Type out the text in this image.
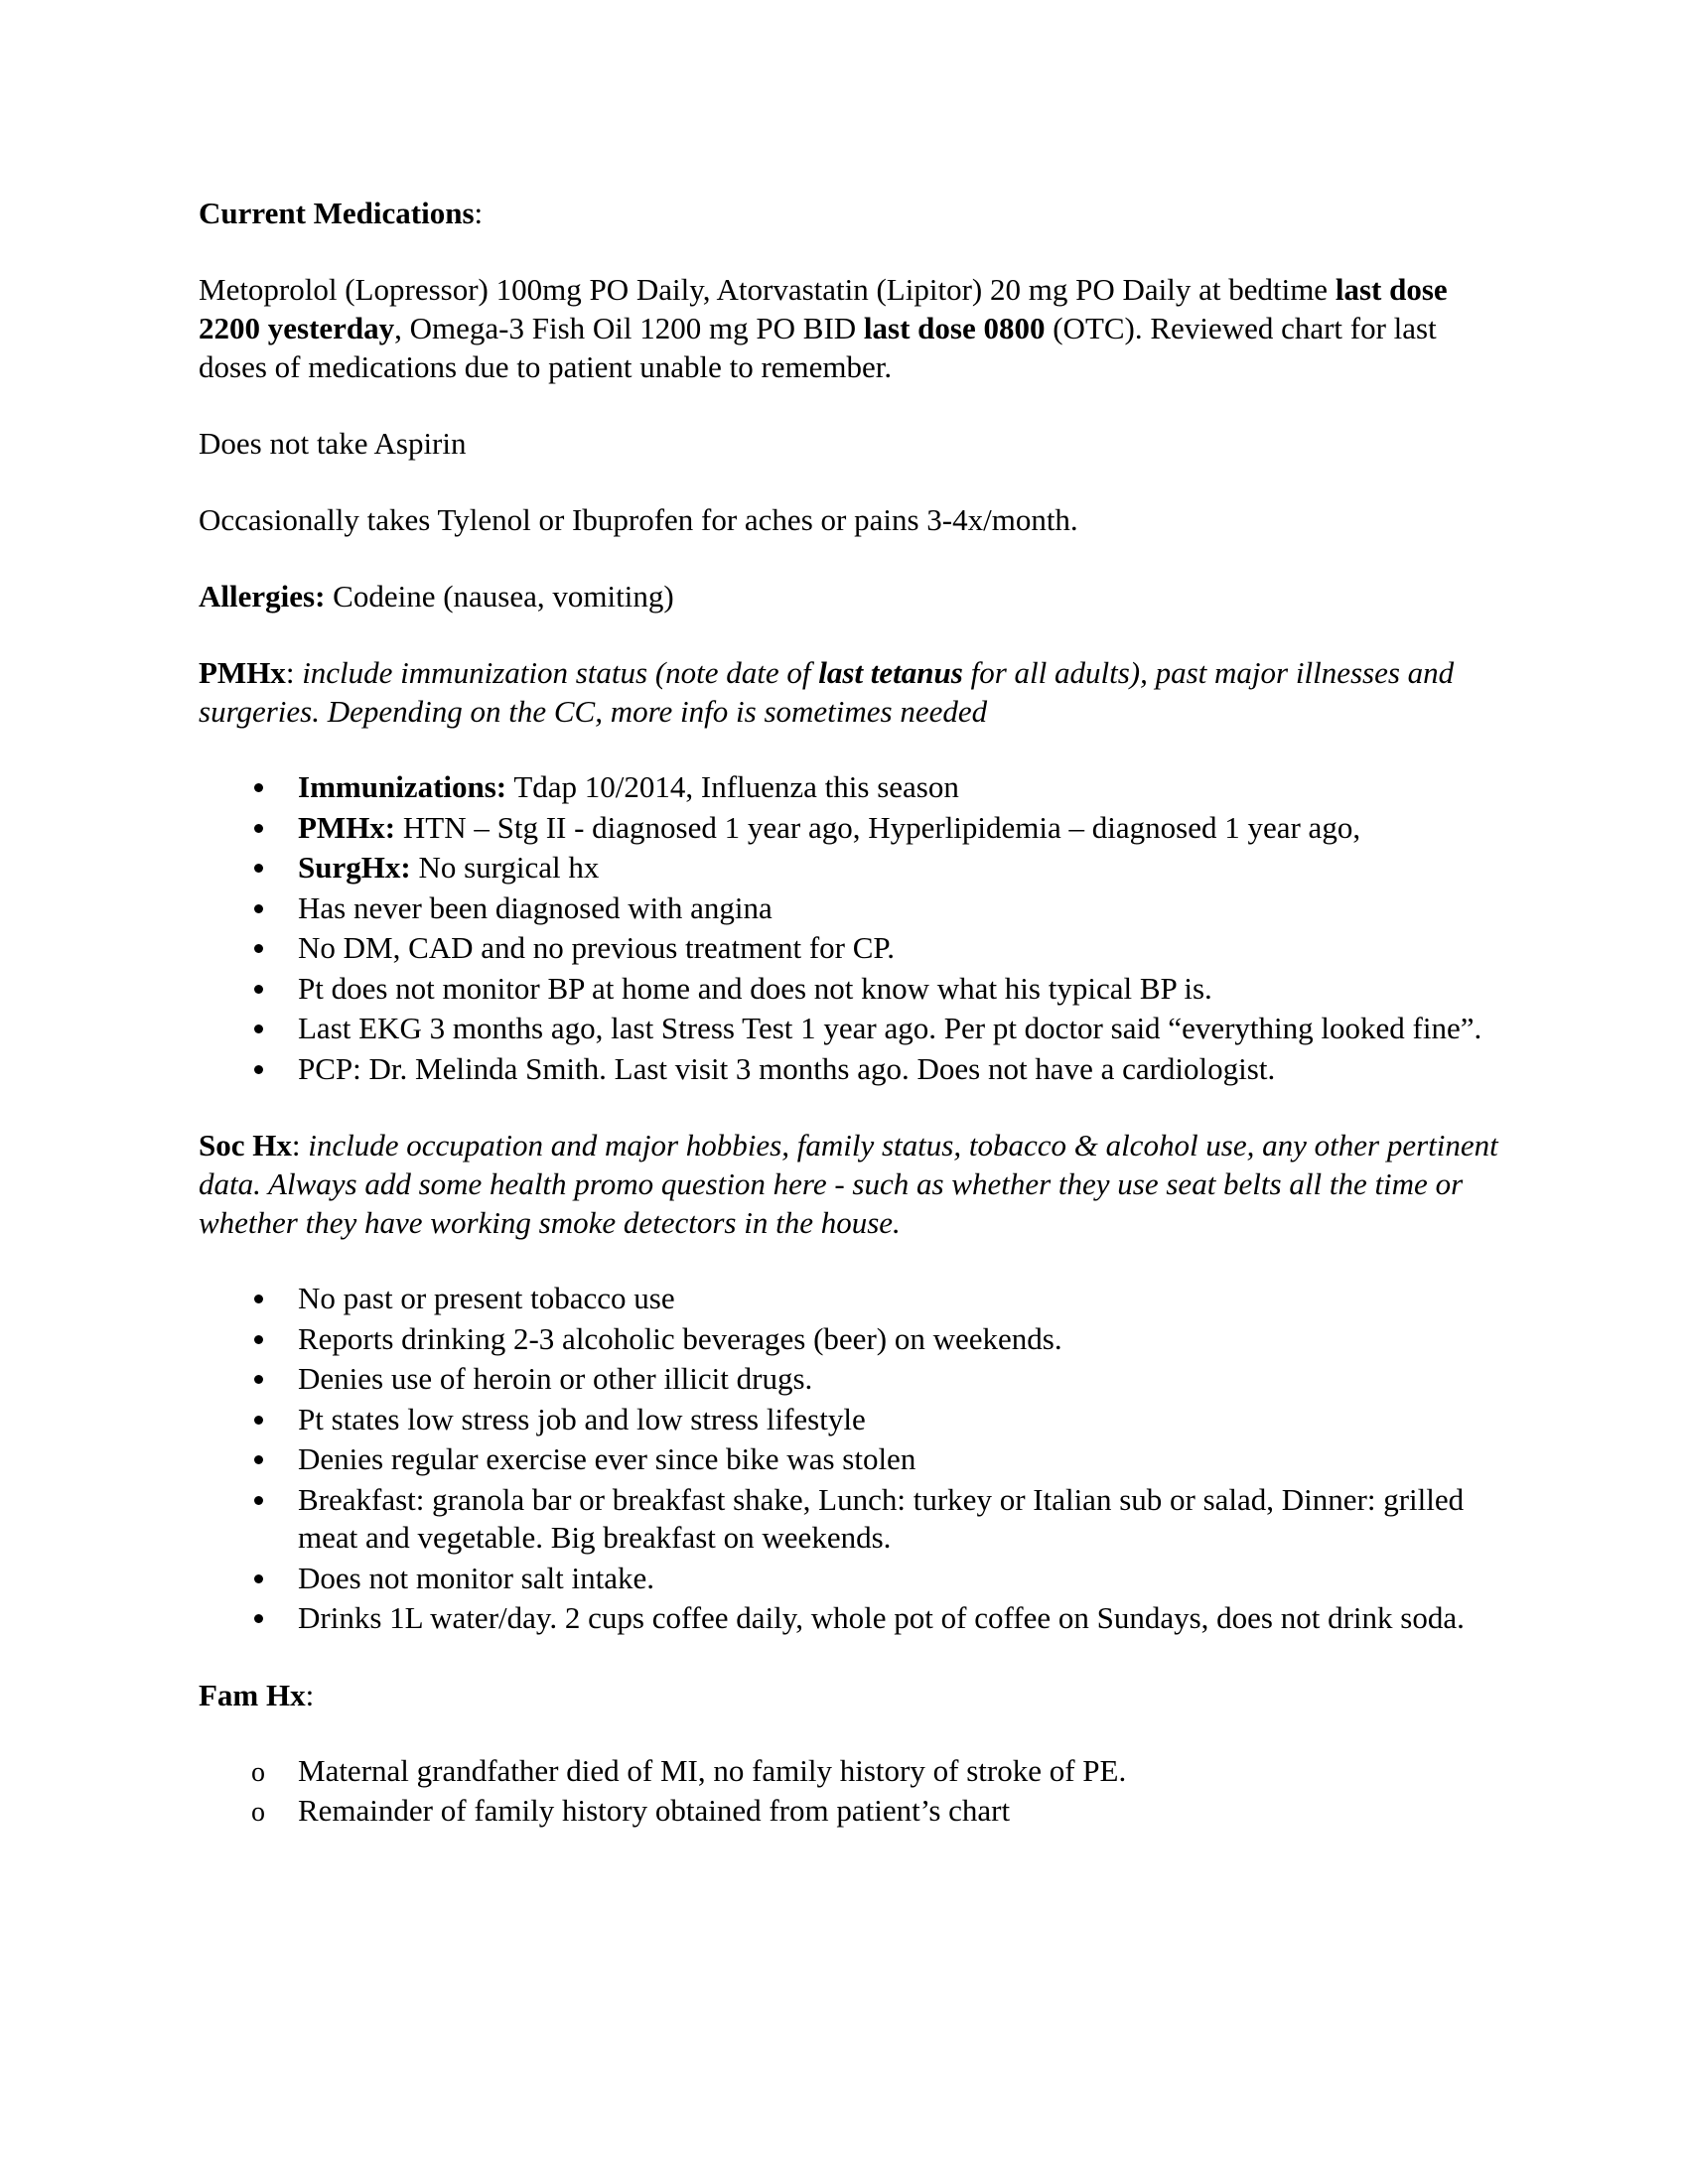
Current Medications:

Metoprolol (Lopressor) 100mg PO Daily, Atorvastatin (Lipitor) 20 mg PO Daily at bedtime last dose 2200 yesterday, Omega-3 Fish Oil 1200 mg PO BID last dose 0800 (OTC). Reviewed chart for last doses of medications due to patient unable to remember.

Does not take Aspirin

Occasionally takes Tylenol or Ibuprofen for aches or pains 3-4x/month.

Allergies: Codeine (nausea, vomiting)

PMHx: include immunization status (note date of last tetanus for all adults), past major illnesses and surgeries. Depending on the CC, more info is sometimes needed

Immunizations: Tdap 10/2014, Influenza this season
PMHx: HTN – Stg II - diagnosed 1 year ago, Hyperlipidemia – diagnosed 1 year ago,
SurgHx: No surgical hx
Has never been diagnosed with angina
No DM, CAD and no previous treatment for CP.
Pt does not monitor BP at home and does not know what his typical BP is.
Last EKG 3 months ago, last Stress Test 1 year ago. Per pt doctor said “everything looked fine”.
PCP: Dr. Melinda Smith. Last visit 3 months ago. Does not have a cardiologist.

Soc Hx: include occupation and major hobbies, family status, tobacco & alcohol use, any other pertinent data. Always add some health promo question here - such as whether they use seat belts all the time or whether they have working smoke detectors in the house.

No past or present tobacco use
Reports drinking 2-3 alcoholic beverages (beer) on weekends.
Denies use of heroin or other illicit drugs.
Pt states low stress job and low stress lifestyle
Denies regular exercise ever since bike was stolen
Breakfast: granola bar or breakfast shake, Lunch: turkey or Italian sub or salad, Dinner: grilled meat and vegetable. Big breakfast on weekends.
Does not monitor salt intake.
Drinks 1L water/day. 2 cups coffee daily, whole pot of coffee on Sundays, does not drink soda.

Fam Hx:

o Maternal grandfather died of MI, no family history of stroke of PE.
o Remainder of family history obtained from patient’s chart
